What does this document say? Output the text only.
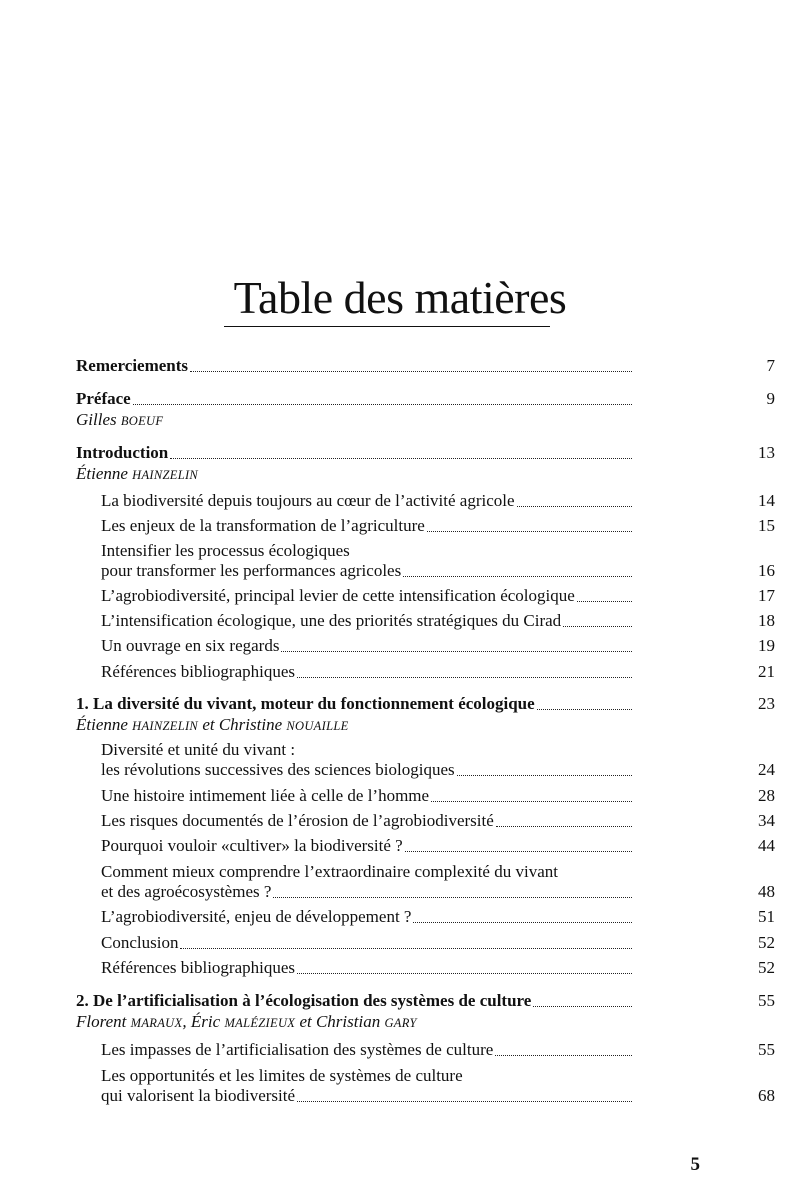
Table des matières
Remerciements	7
Préface	9
Gilles BOEUF
Introduction	13
Étienne HAINZELIN
La biodiversité depuis toujours au cœur de l’activité agricole	14
Les enjeux de la transformation de l’agriculture	15
Intensifier les processus écologiques
pour transformer les performances agricoles	16
L’agrobiodiversité, principal levier de cette intensification écologique	17
L’intensification écologique, une des priorités stratégiques du Cirad	18
Un ouvrage en six regards	19
Références bibliographiques	21
1. La diversité du vivant, moteur du fonctionnement écologique	23
Étienne HAINZELIN et Christine NOUAILLE
Diversité et unité du vivant :
les révolutions successives des sciences biologiques	24
Une histoire intimement liée à celle de l’homme	28
Les risques documentés de l’érosion de l’agrobiodiversité	34
Pourquoi vouloir «cultiver» la biodiversité ?	44
Comment mieux comprendre l’extraordinaire complexité du vivant
et des agroécosystèmes ?	48
L’agrobiodiversité, enjeu de développement ?	51
Conclusion	52
Références bibliographiques	52
2. De l’artificialisation à l’écologisation des systèmes de culture	55
Florent MARAUX, Éric MALÉZIEUX et Christian GARY
Les impasses de l’artificialisation des systèmes de culture	55
Les opportunités et les limites de systèmes de culture
qui valorisent la biodiversité	68
5
